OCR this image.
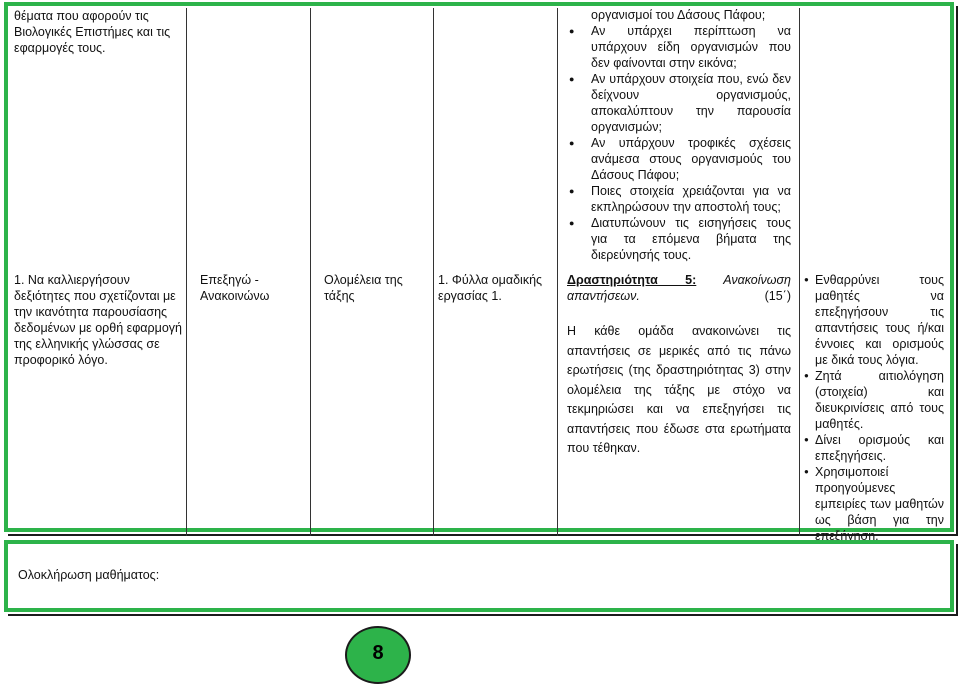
θέματα που αφορούν τις Βιολογικές Επιστήμες και τις εφαρμογές τους.
1. Να καλλιεργήσουν δεξιότητες που σχετίζονται με την ικανότητα παρουσίασης δεδομένων με ορθή εφαρμογή της ελληνικής γλώσσας σε προφορικό λόγο.
Επεξηγώ - Ανακοινώνω
Ολομέλεια της τάξης
1. Φύλλα ομαδικής εργασίας 1.
οργανισμοί του Δάσους Πάφου;
● Αν υπάρχει περίπτωση να υπάρχουν είδη οργανισμών που δεν φαίνονται στην εικόνα;
● Αν υπάρχουν στοιχεία που, ενώ δεν δείχνουν οργανισμούς, αποκαλύπτουν την παρουσία οργανισμών;
● Αν υπάρχουν τροφικές σχέσεις ανάμεσα στους οργανισμούς του Δάσους Πάφου;
● Ποιες στοιχεία χρειάζονται για να εκπληρώσουν την αποστολή τους;
● Διατυπώνουν τις εισηγήσεις τους για τα επόμενα βήματα της διερεύνησής τους.
Δραστηριότητα 5: Ανακοίνωση απαντήσεων.	(15΄)
Η κάθε ομάδα ανακοινώνει τις απαντήσεις σε μερικές από τις πάνω ερωτήσεις (της δραστηριότητας 3) στην ολομέλεια της τάξης με στόχο να τεκμηριώσει και να επεξηγήσει τις απαντήσεις που έδωσε στα ερωτήματα που τέθηκαν.
● Ενθαρρύνει τους μαθητές να επεξηγήσουν τις απαντήσεις τους ή/και έννοιες και ορισμούς με δικά τους λόγια.
● Ζητά αιτιολόγηση (στοιχεία) και διευκρινίσεις από τους μαθητές.
● Δίνει ορισμούς και επεξηγήσεις.
● Χρησιμοποιεί προηγούμενες εμπειρίες των μαθητών ως βάση για την επεξήγηση.
Ολοκλήρωση μαθήματος:
8
